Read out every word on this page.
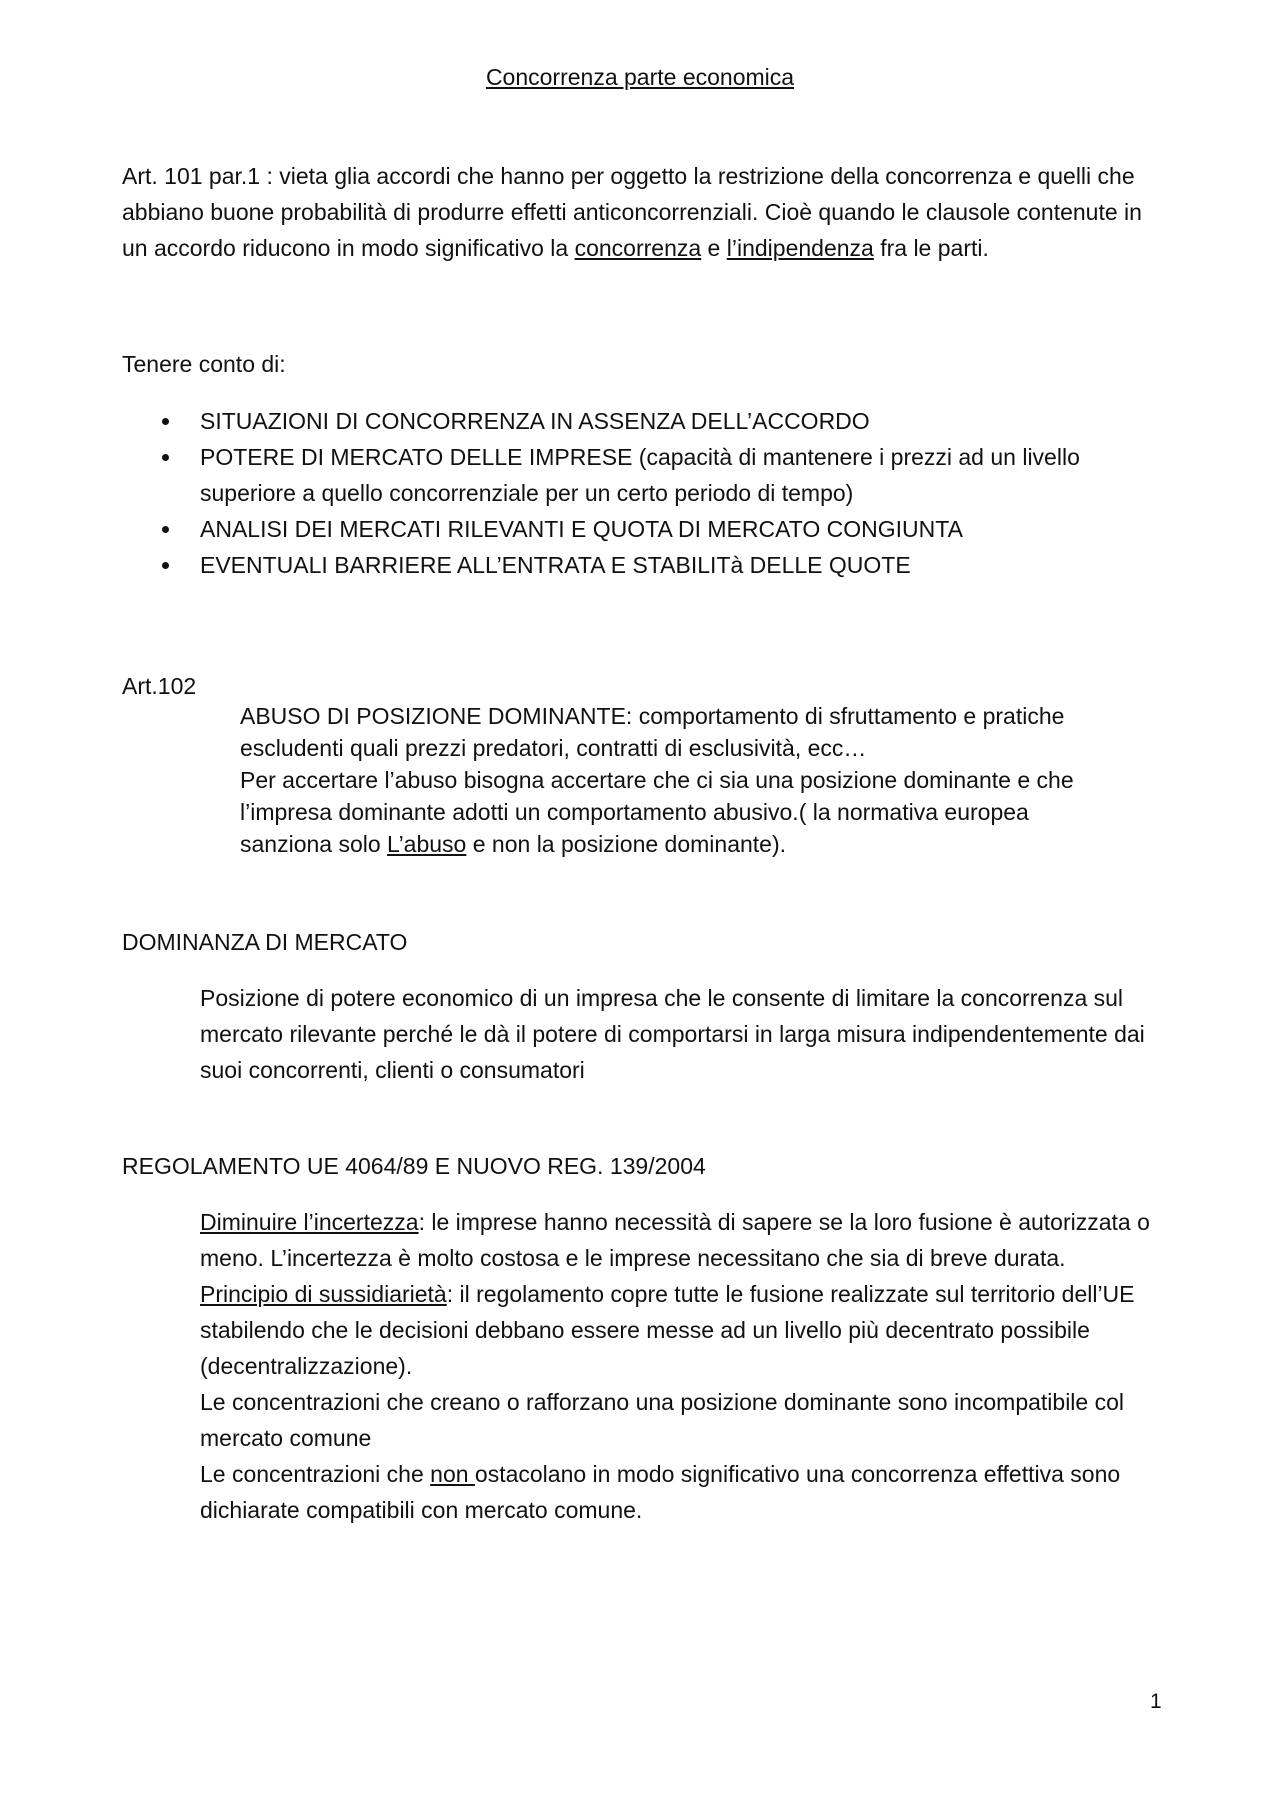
Concorrenza parte economica
Art. 101 par.1 : vieta glia accordi che hanno per oggetto la restrizione della concorrenza e quelli che abbiano buone probabilità di produrre effetti anticoncorrenziali. Cioè quando le clausole contenute in un accordo riducono in modo significativo la concorrenza e l’indipendenza fra le parti.
Tenere conto di:
SITUAZIONI DI CONCORRENZA IN ASSENZA DELL’ACCORDO
POTERE DI MERCATO DELLE IMPRESE (capacità di mantenere i prezzi ad un livello superiore a quello concorrenziale per un certo periodo di tempo)
ANALISI DEI MERCATI RILEVANTI E QUOTA DI MERCATO CONGIUNTA
EVENTUALI BARRIERE ALL’ENTRATA E STABILITà DELLE QUOTE
Art.102
ABUSO DI POSIZIONE DOMINANTE: comportamento di sfruttamento e pratiche escludenti quali prezzi predatori, contratti di esclusività, ecc…
Per accertare l’abuso bisogna accertare che ci sia una posizione dominante e che l’impresa dominante adotti un comportamento abusivo.( la normativa europea sanziona solo L’abuso e non la posizione dominante).
DOMINANZA DI MERCATO
Posizione di potere economico di un impresa che le consente di limitare la concorrenza sul mercato rilevante perché le dà il potere di comportarsi in larga misura indipendentemente dai suoi concorrenti, clienti o consumatori
REGOLAMENTO UE 4064/89 E NUOVO REG. 139/2004
Diminuire l’incertezza: le imprese hanno necessità di sapere se la loro fusione è autorizzata o meno. L’incertezza è molto costosa e le imprese necessitano che sia di breve durata.
Principio di sussidiarietà: il regolamento copre tutte le fusione realizzate sul territorio dell’UE stabilendo che le decisioni debbano essere messe ad un livello più decentrato possibile (decentralizzazione).
Le concentrazioni che creano o rafforzano una posizione dominante sono incompatibile col mercato comune
Le concentrazioni che non ostacolano in modo significativo una concorrenza effettiva sono dichiarate compatibili con mercato comune.
1
